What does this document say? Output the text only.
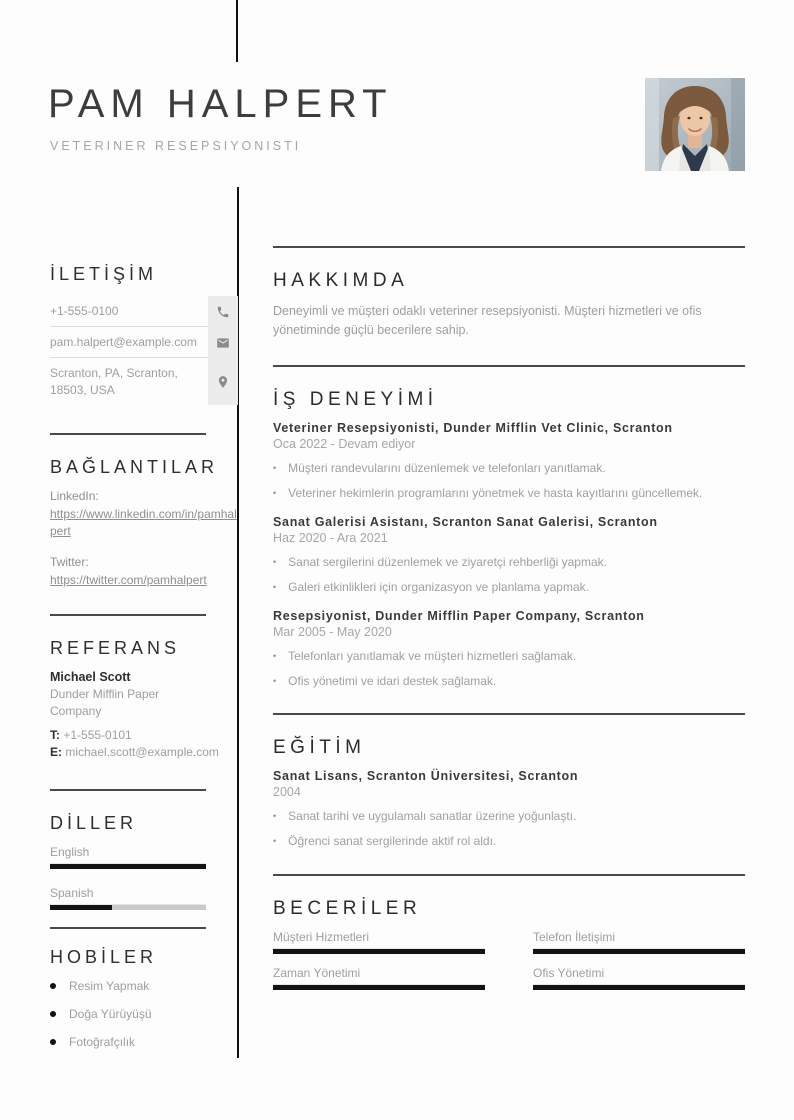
PAM HALPERT
VETERINER RESEPSIYONISTI
İLETİŞİM
+1-555-0100
pam.halpert@example.com
Scranton, PA, Scranton, 18503, USA
BAĞLANTILAR
LinkedIn:
https://www.linkedin.com/in/pamhalpert
Twitter:
https://twitter.com/pamhalpert
REFERANS
Michael Scott
Dunder Mifflin Paper Company
T: +1-555-0101
E: michael.scott@example.com
DİLLER
English
Spanish
HOBİLER
Resim Yapmak
Doğa Yürüyüşü
Fotoğrafçılık
HAKKIMDA

Deneyimli ve müşteri odaklı veteriner resepsiyonisti. Müşteri hizmetleri ve ofis yönetiminde güçlü becerilere sahip.

İŞ DENEYİMİ
Veteriner Resepsiyonisti, Dunder Mifflin Vet Clinic, Scranton
Oca 2022 - Devam ediyor
• Müşteri randevularını düzenlemek ve telefonları yanıtlamak.
• Veteriner hekimlerin programlarını yönetmek ve hasta kayıtlarını güncellemek.
Sanat Galerisi Asistanı, Scranton Sanat Galerisi, Scranton
Haz 2020 - Ara 2021
• Sanat sergilerini düzenlemek ve ziyaretçi rehberliği yapmak.
• Galeri etkinlikleri için organizasyon ve planlama yapmak.
Resepsiyonist, Dunder Mifflin Paper Company, Scranton
Mar 2005 - May 2020
• Telefonları yanıtlamak ve müşteri hizmetleri sağlamak.
• Ofis yönetimi ve idari destek sağlamak.
EĞİTİM
Sanat Lisans, Scranton Üniversitesi, Scranton
2004
• Sanat tarihi ve uygulamalı sanatlar üzerine yoğunlaştı.
• Öğrenci sanat sergilerinde aktif rol aldı.
BECERİLER
Müşteri Hizmetleri	Telefon İletişimi
Zaman Yönetimi	Ofis Yönetimi
